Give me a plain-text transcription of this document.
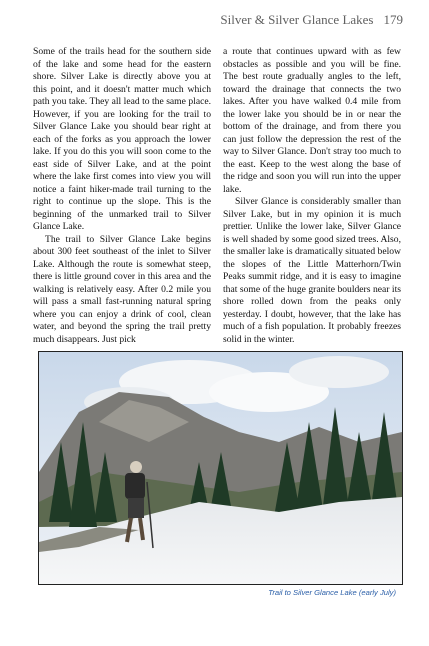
Silver & Silver Glance Lakes 179

Some of the trails head for the southern side of the lake and some head for the eastern shore. Silver Lake is directly above you at this point, and it doesn't matter much which path you take. They all lead to the same place. However, if you are looking for the trail to Silver Glance Lake you should bear right at each of the forks as you approach the lower lake. If you do this you will soon come to the east side of Silver Lake, and at the point where the lake first comes into view you will notice a faint hiker-made trail turning to the right to continue up the slope. This is the beginning of the unmarked trail to Silver Glance Lake.

The trail to Silver Glance Lake begins about 300 feet southeast of the inlet to Silver Lake. Although the route is somewhat steep, there is little ground cover in this area and the walking is relatively easy. After 0.2 mile you will pass a small fast-running natural spring where you can enjoy a drink of cool, clean water, and beyond the spring the trail pretty much disappears. Just pick

a route that continues upward with as few obstacles as possible and you will be fine. The best route gradually angles to the left, toward the drainage that connects the two lakes. After you have walked 0.4 mile from the lower lake you should be in or near the bottom of the drainage, and from there you can just follow the depression the rest of the way to Silver Glance. Don't stray too much to the east. Keep to the west along the base of the ridge and soon you will run into the upper lake.

Silver Glance is considerably smaller than Silver Lake, but in my opinion it is much prettier. Unlike the lower lake, Silver Glance is well shaded by some good sized trees. Also, the smaller lake is dramatically situated below the slopes of the Little Matterhorn/Twin Peaks summit ridge, and it is easy to imagine that some of the huge granite boulders near its shore rolled down from the peaks only yesterday. I doubt, however, that the lake has much of a fish population. It probably freezes solid in the winter.

Trail to Silver Glance Lake (early July)
